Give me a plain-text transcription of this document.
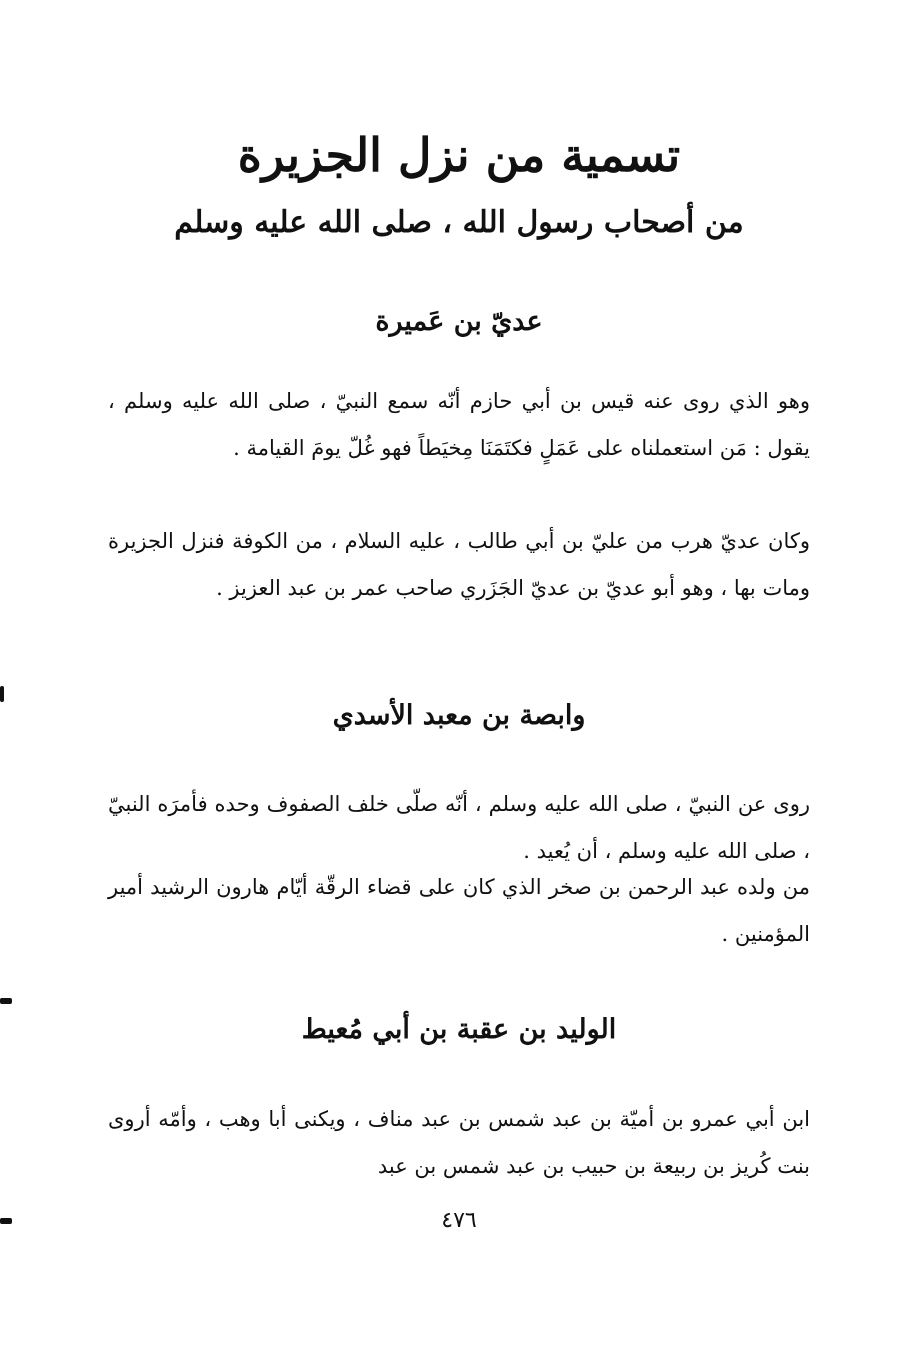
تسمية من نزل الجزيرة
من أصحاب رسول الله ، صلى الله عليه وسلم
عديّ بن عَميرة

وهو الذي روى عنه قيس بن أبي حازم أنّه سمع النبيّ ، صلى الله عليه وسلم ، يقول : مَن استعملناه على عَمَلٍ فكتَمَنَا مِخيَطاً فهو غُلّ يومَ القيامة .

وكان عديّ هرب من عليّ بن أبي طالب ، عليه السلام ، من الكوفة فنزل الجزيرة ومات بها ، وهو أبو عديّ بن عديّ الجَزَري صاحب عمر بن عبد العزيز .

وابصة بن معبد الأسدي

روى عن النبيّ ، صلى الله عليه وسلم ، أنّه صلّى خلف الصفوف وحده فأمرَه النبيّ ، صلى الله عليه وسلم ، أن يُعيد .

من ولده عبد الرحمن بن صخر الذي كان على قضاء الرقّة أيّام هارون الرشيد أمير المؤمنين .

الوليد بن عقبة بن أبي مُعيط

ابن أبي عمرو بن أميّة بن عبد شمس بن عبد مناف ، ويكنى أبا وهب ، وأمّه أروى بنت كُريز بن ربيعة بن حبيب بن عبد شمس بن عبد

٤٧٦
